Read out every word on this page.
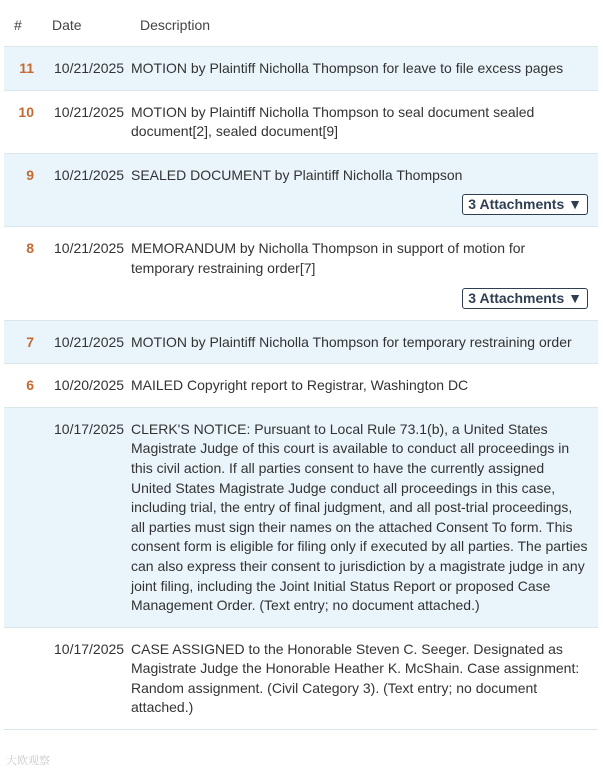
#	Date	Description
11	10/21/2025 MOTION by Plaintiff Nicholla Thompson for leave to file excess pages
10	10/21/2025 MOTION by Plaintiff Nicholla Thompson to seal document sealed document[2], sealed document[9]
9	10/21/2025 SEALED DOCUMENT by Plaintiff Nicholla Thompson
3 Attachments ▼
8	10/21/2025 MEMORANDUM by Nicholla Thompson in support of motion for temporary restraining order[7]
3 Attachments ▼
7	10/21/2025 MOTION by Plaintiff Nicholla Thompson for temporary restraining order
6	10/20/2025 MAILED Copyright report to Registrar, Washington DC
10/17/2025 CLERK'S NOTICE: Pursuant to Local Rule 73.1(b), a United States Magistrate Judge of this court is available to conduct all proceedings in this civil action. If all parties consent to have the currently assigned United States Magistrate Judge conduct all proceedings in this case, including trial, the entry of final judgment, and all post-trial proceedings, all parties must sign their names on the attached Consent To form. This consent form is eligible for filing only if executed by all parties. The parties can also express their consent to jurisdiction by a magistrate judge in any joint filing, including the Joint Initial Status Report or proposed Case Management Order. (Text entry; no document attached.)
10/17/2025 CASE ASSIGNED to the Honorable Steven C. Seeger. Designated as Magistrate Judge the Honorable Heather K. McShain. Case assignment: Random assignment. (Civil Category 3). (Text entry; no document attached.)
大欧观察
